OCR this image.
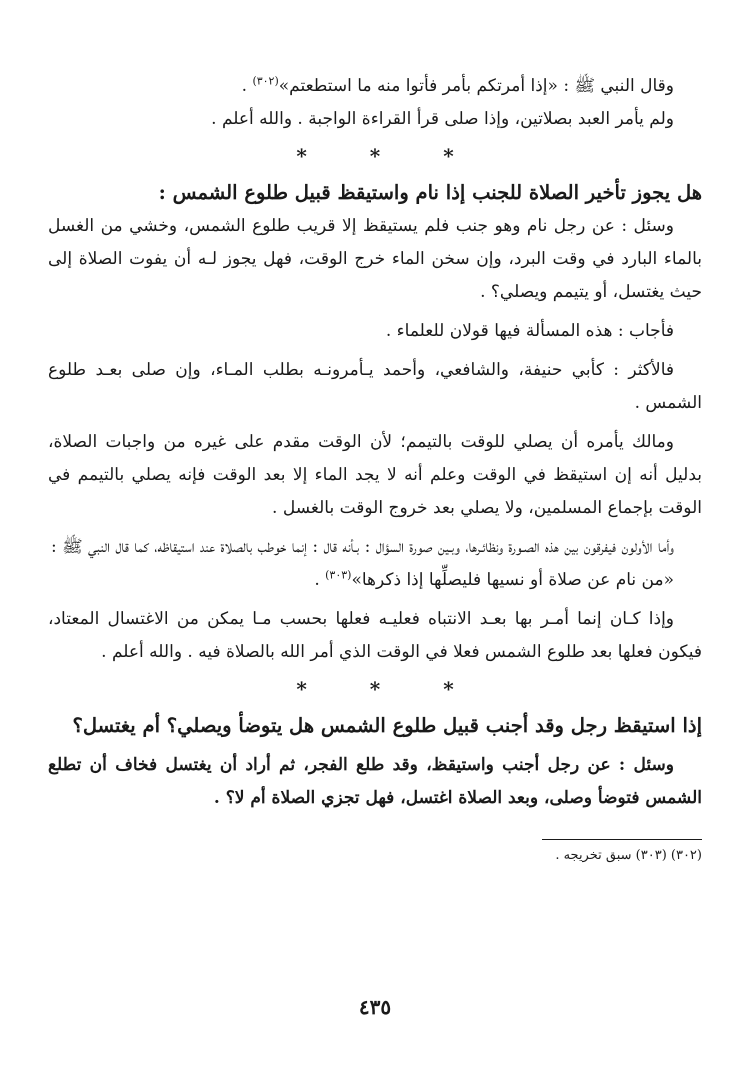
وقال النبي ﷺ : «إذا أمرتكم بأمر فأتوا منه ما استطعتم»$^{(٣٠٢)}$ .

ولم يأمر العبد بصلاتين، وإذا صلى قرأ القراءة الواجبة . والله أعلم .

* * *

هل يجوز تأخير الصلاة للجنب إذا نام واستيقظ قبيل طلوع الشمس :

وسئل : عن رجل نام وهو جنب فلم يستيقظ إلا قريب طلوع الشمس، وخشي من الغسل بالماء البارد في وقت البرد، وإن سخن الماء خرج الوقت، فهل يجوز لـه أن يفوت الصلاة إلى حيث يغتسل، أو يتيمم ويصلي؟ .

فأجاب : هذه المسألة فيها قولان للعلماء .

فالأكثر : كأبي حنيفة، والشافعي، وأحمد يـأمرونـه بطلب المـاء، وإن صلى بعـد طلوع الشمس .

ومالك يأمره أن يصلي للوقت بالتيمم؛ لأن الوقت مقدم على غيره من واجبات الصلاة، بدليل أنه إن استيقظ في الوقت وعلم أنه لا يجد الماء إلا بعد الوقت فإنه يصلي بالتيمم في الوقت بإجماع المسلمين، ولا يصلي بعد خروج الوقت بالغسل .

وأما الأولون فيفرقون بين هذه الصـورة ونظائـرها، وبـين صورة السؤال : بـأنه قال : إنما خوطب بالصلاة عند استيقاظه، كما قال النبي ﷺ :

«من نام عن صلاة أو نسيها فليصلِّها إذا ذكرها»$^{(٣٠٣)}$ .

وإذا كـان إنما أمـر بها بعـد الانتباه فعليـه فعلها بحسب مـا يمكن من الاغتسال المعتاد، فيكون فعلها بعد طلوع الشمس فعلا في الوقت الذي أمر الله بالصلاة فيه . والله أعلم .

* * *

إذا استيقظ رجل وقد أجنب قبيل طلوع الشمس هل يتوضأ ويصلي؟ أم يغتسل؟

وسئل : عن رجل أجنب واستيقظ، وقد طلع الفجر، ثم أراد أن يغتسل فخاف أن تطلع الشمس فتوضأ وصلى، وبعد الصلاة اغتسل، فهل تجزي الصلاة أم لا؟ .

(٣٠٢) (٣٠٣) سبق تخريجه .

٤٣٥
